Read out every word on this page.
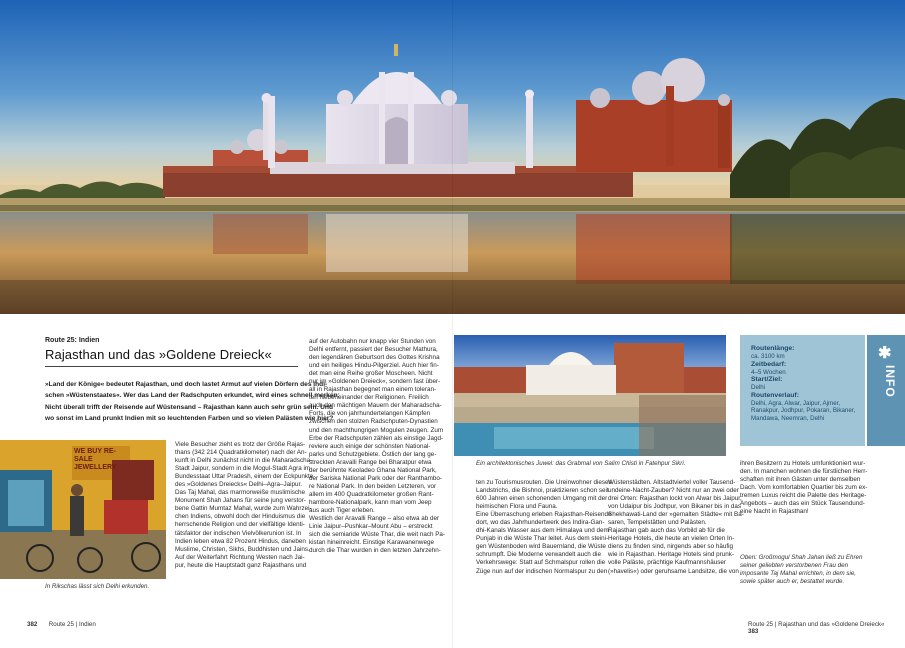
Route 25: Indien
Rajasthan und das »Goldene Dreieck«
»Land der Könige« bedeutet Rajasthan, und doch lastet Armut auf vielen Dörfern des indi-
schen »Wüstenstaates«. Wer das Land der Radschputen erkundet, wird eines schnell merken:
Nicht überall trifft der Reisende auf Wüstensand – Rajasthan kann auch sehr grün sein. Und
wo sonst im Land prunkt Indien mit so leuchtenden Farben und so vielen Palästen wie hier?
WE BUY RE-SALE JEWELLERY
In Rikschas lässt sich Delhi erkunden.
Viele Besucher zieht es trotz der Größe Rajas-
thans (342 214 Quadratkilometer) nach der An-
kunft in Delhi zunächst nicht in die Maharadscha-
Stadt Jaipur, sondern in die Mogul-Stadt Agra im
Bundesstaat Uttar Pradesh, einem der Eckpunkte
des »Goldenes Dreiecks« Delhi–Agra–Jaipur.
Das Taj Mahal, das marmorweiße muslimische
Monument Shah Jahans für seine jung verstor-
bene Gattin Mumtaz Mahal, wurde zum Wahrzei-
chen Indiens, obwohl doch der Hinduismus die
herrschende Religion und der vielfältige Identi-
tätsfaktor der indischen Vielvölkerunion ist. In
Indien leben etwa 82 Prozent Hindus, daneben
Muslime, Christen, Sikhs, Buddhisten und Jains.
Auf der Weiterfahrt Richtung Westen nach Jai-
pur, heute die Hauptstadt ganz Rajasthans und
auf der Autobahn nur knapp vier Stunden von
Delhi entfernt, passiert der Besucher Mathura,
den legendären Geburtsort des Gottes Krishna
und ein heiliges Hindu-Pilgerziel. Auch hier fin-
det man eine Reihe großer Moscheen. Nicht
nur im »Goldenen Dreieck«, sondern fast über-
all in Rajasthan begegnet man einem toleran-
ten Nebeneinander der Religionen. Freilich
auch den mächtigen Mauern der Maharadscha-
Forts, die von jahrhundertelangen Kämpfen
zwischen den stolzen Radschputen-Dynastien
und den machthungrigen Mogulen zeugen. Zum
Erbe der Radschputen zählen als einstige Jagd-
reviere auch einige der schönsten National-
parks und Schutzgebiete. Östlich der lang ge-
streckten Aravalli Range bei Bharatpur etwa
der berühmte Keoladeo Ghana National Park,
der Sariska National Park oder der Ranthambo-
re National Park. In den beiden Letzteren, vor
allem im 400 Quadratkilometer großen Rant-
hambore-Nationalpark, kann man vom Jeep
aus auch Tiger erleben.
Westlich der Aravalli Range – also etwa ab der
Linie Jaipur–Pushkar–Mount Abu – erstreckt
sich die semiaride Wüste Thar, die weit nach Pa-
kistan hineinreicht. Einstige Karawanenwege
durch die Thar wurden in den letzten Jahrzehn-
382 Route 25 | Indien
Ein architektonisches Juwel: das Grabmal von Salim Chisti in Fatehpur Sikri.
Routenlänge:
ca. 3100 km
Zeitbedarf:
4–5 Wochen
Start/Ziel:
Delhi
Routenverlauf:
Delhi, Agra, Alwar, Jaipur, Ajmer,
Ranakpur, Jodhpur, Pokaran, Bikaner,
Mandawa, Neemran, Delhi
✱
INFO
ten zu Tourismusrouten. Die Ureinwohner dieses
Landstrichs, die Bishnoi, praktizieren schon seit
600 Jahren einen schonenden Umgang mit der
heimischen Flora und Fauna.
Eine Überraschung erleben Rajasthan-Reisende
dort, wo das Jahrhundertwerk des Indira-Gan-
dhi-Kanals Wasser aus dem Himalaya und dem
Punjab in die Wüste Thar leitet. Aus dem steini-
gen Wüstenboden wird Bauernland, die Wüste
schrumpft. Die Moderne verwandelt auch die
Verkehrswege: Statt auf Schmalspur rollen die
Züge nun auf der indischen Normalspur zu den
Wüstenstädten. Altstadtviertel voller Tausend-
undeine-Nacht-Zauber? Nicht nur an zwei oder
drei Orten: Rajasthan lockt von Alwar bis Jaipur,
von Udaipur bis Jodhpur, von Bikaner bis in das
Shekhawati-Land der »gemalten Städte« mit Ba-
saren, Tempelstätten und Palästen.
Rajasthan gab auch das Vorbild ab für die
Heritage Hotels, die heute an vielen Orten In-
diens zu finden sind, nirgends aber so häufig
wie in Rajasthan. Heritage Hotels sind prunk-
volle Paläste, prächtige Kaufmannshäuser
(»havelis«) oder geruhsame Landsitze, die von
ihren Besitzern zu Hotels umfunktioniert wur-
den. In manchen wohnen die fürstlichen Herr-
schaften mit ihren Gästen unter demselben
Dach. Vom komfortablen Quartier bis zum ex-
tremen Luxus reicht die Palette des Heritage-
Angebots – auch das ein Stück Tausendund-
eine Nacht in Rajasthan!
Oben: Großmogul Shah Jahan ließ zu Ehren
seiner geliebten verstorbenen Frau den
imposante Taj Mahal errichten, in dem sie,
sowie später auch er, bestattet wurde.
Route 25 | Rajasthan und das »Goldene Dreieck«  383
